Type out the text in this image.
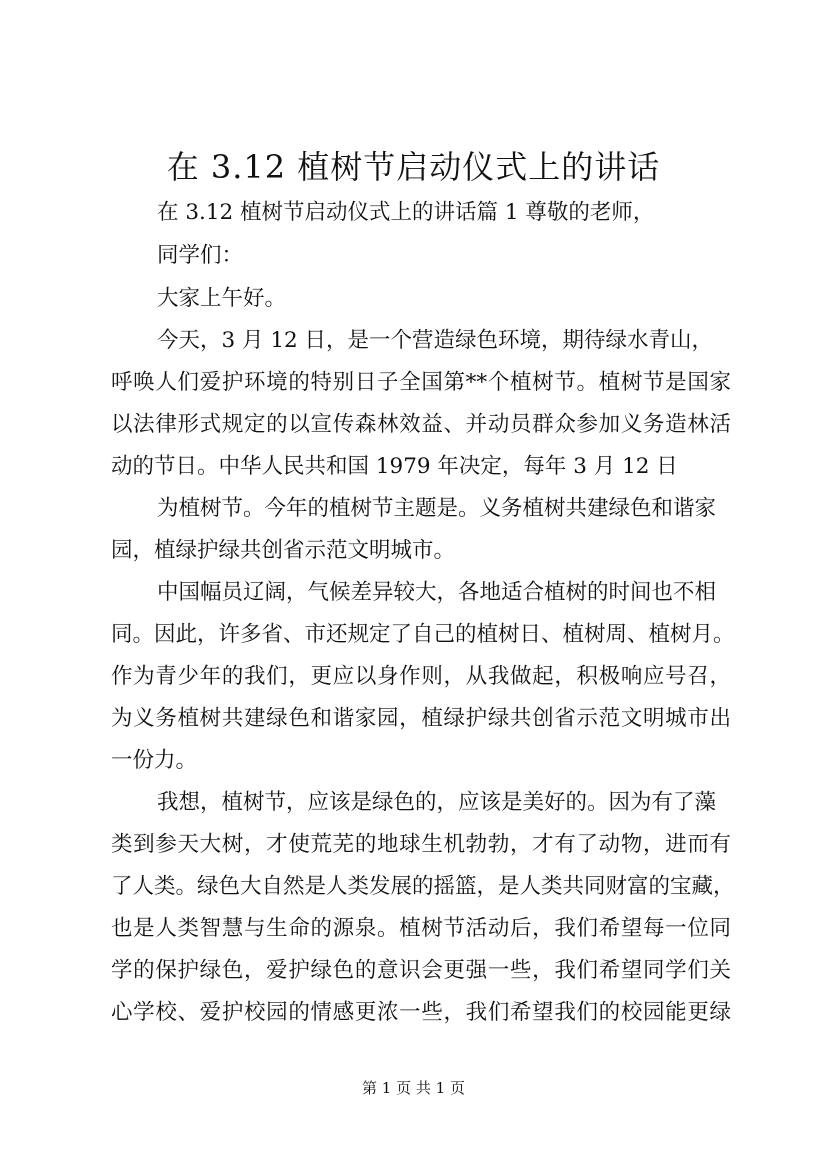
在 3.12 植树节启动仪式上的讲话
在 3.12 植树节启动仪式上的讲话篇 1 尊敬的老师，
同学们：
大家上午好。
今天，3 月 12 日，是一个营造绿色环境，期待绿水青山，
呼唤人们爱护环境的特别日子全国第**个植树节。植树节是国家
以法律形式规定的以宣传森林效益、并动员群众参加义务造林活
动的节日。中华人民共和国 1979 年决定，每年 3 月 12 日
为植树节。今年的植树节主题是。义务植树共建绿色和谐家
园，植绿护绿共创省示范文明城市。
中国幅员辽阔，气候差异较大，各地适合植树的时间也不相
同。因此，许多省、市还规定了自己的植树日、植树周、植树月。
作为青少年的我们，更应以身作则，从我做起，积极响应号召，
为义务植树共建绿色和谐家园，植绿护绿共创省示范文明城市出
一份力。
我想，植树节，应该是绿色的，应该是美好的。因为有了藻
类到参天大树，才使荒芜的地球生机勃勃，才有了动物，进而有
了人类。绿色大自然是人类发展的摇篮，是人类共同财富的宝藏，
也是人类智慧与生命的源泉。植树节活动后，我们希望每一位同
学的保护绿色，爱护绿色的意识会更强一些，我们希望同学们关
心学校、爱护校园的情感更浓一些，我们希望我们的校园能更绿
第 1 页 共 1 页
